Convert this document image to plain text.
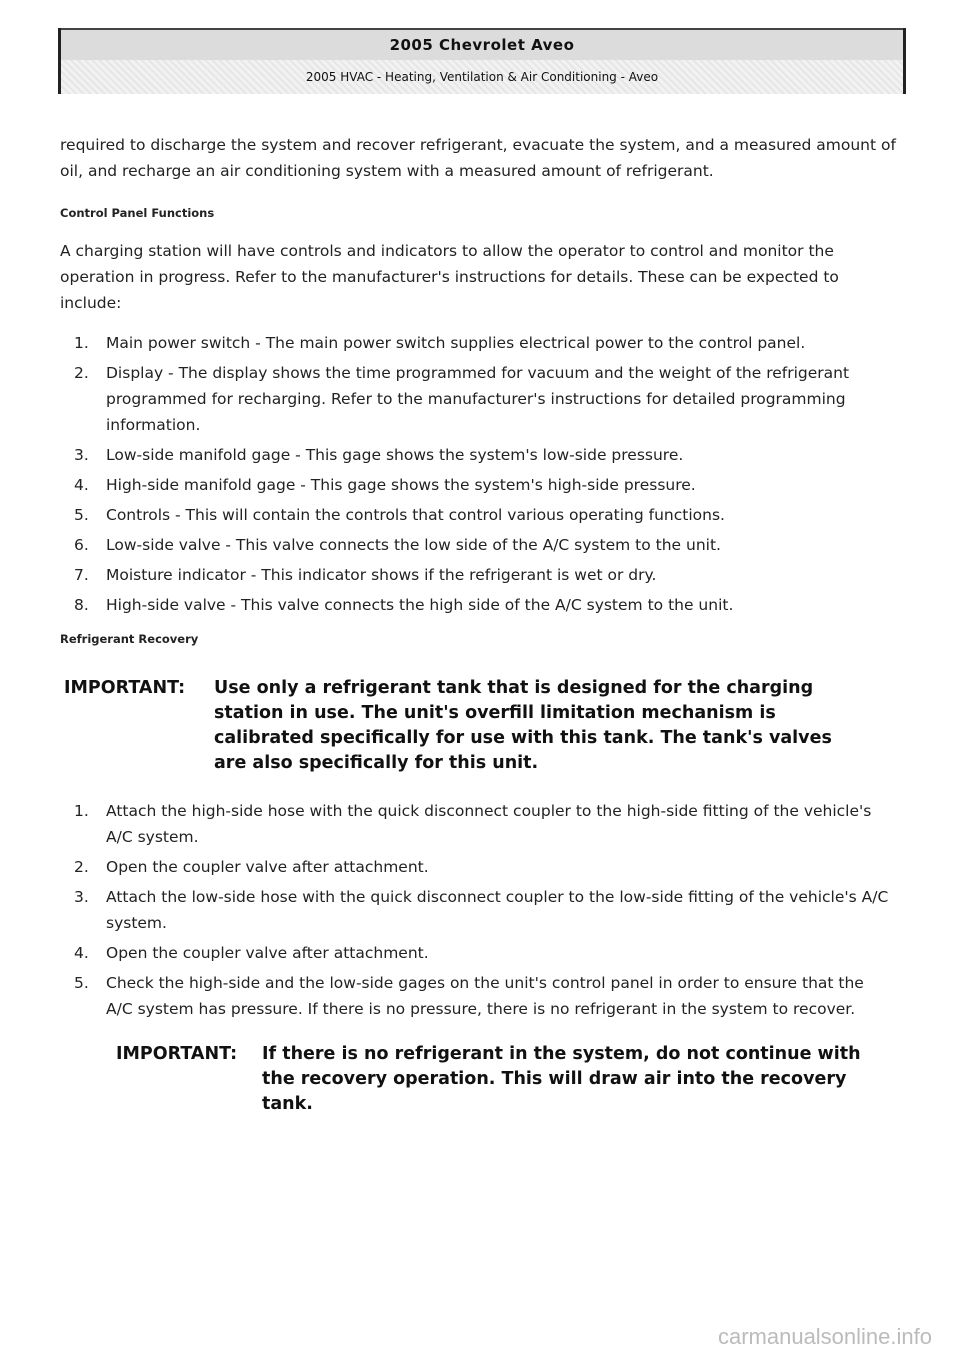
2005 Chevrolet Aveo
2005 HVAC - Heating, Ventilation & Air Conditioning - Aveo

required to discharge the system and recover refrigerant, evacuate the system, and a measured amount of oil, and recharge an air conditioning system with a measured amount of refrigerant.

Control Panel Functions

A charging station will have controls and indicators to allow the operator to control and monitor the operation in progress. Refer to the manufacturer's instructions for details. These can be expected to include:

1.	Main power switch - The main power switch supplies electrical power to the control panel.
2.	Display - The display shows the time programmed for vacuum and the weight of the refrigerant programmed for recharging. Refer to the manufacturer's instructions for detailed programming information.
3.	Low-side manifold gage - This gage shows the system's low-side pressure.
4.	High-side manifold gage - This gage shows the system's high-side pressure.
5.	Controls - This will contain the controls that control various operating functions.
6.	Low-side valve - This valve connects the low side of the A/C system to the unit.
7.	Moisture indicator - This indicator shows if the refrigerant is wet or dry.
8.	High-side valve - This valve connects the high side of the A/C system to the unit.

Refrigerant Recovery

IMPORTANT:	Use only a refrigerant tank that is designed for the charging station in use. The unit's overfill limitation mechanism is calibrated specifically for use with this tank. The tank's valves are also specifically for this unit.
1.	Attach the high-side hose with the quick disconnect coupler to the high-side fitting of the vehicle's A/C system.
2.	Open the coupler valve after attachment.
3.	Attach the low-side hose with the quick disconnect coupler to the low-side fitting of the vehicle's A/C system.
4.	Open the coupler valve after attachment.
5.	Check the high-side and the low-side gages on the unit's control panel in order to ensure that the A/C system has pressure. If there is no pressure, there is no refrigerant in the system to recover.
IMPORTANT:	If there is no refrigerant in the system, do not continue with the recovery operation. This will draw air into the recovery tank.
carmanualsonline.info
